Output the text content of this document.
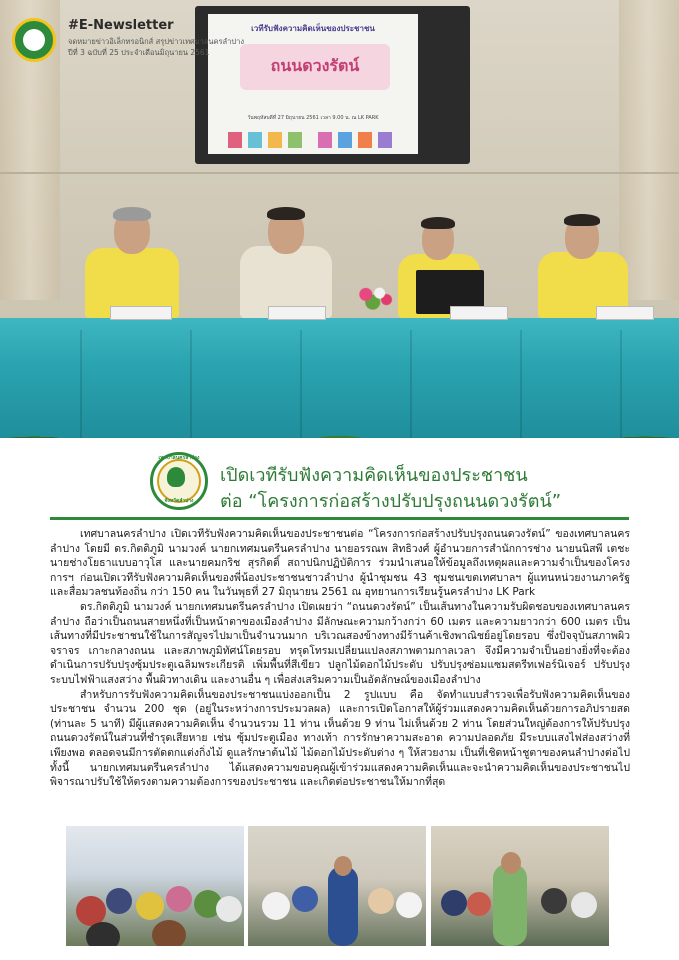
เวทีรับฟังความคิดเห็นของประชาชน
ถนนดวงรัตน์
วันพฤหัสบดีที่ 27 มิถุนายน 2561 เวลา 9.00 น. ณ LK PARK
#E-Newsletter
จดหมายข่าวอิเล็กทรอนิกส์ สรุปข่าวเทศบาลนครลำปาง
ปีที่ 3 ฉบับที่ 25 ประจำเดือนมิถุนายน 2561
เทศบาลนครลำปาง
จังหวัดลำปาง
เปิดเวทีรับฟังความคิดเห็นของประชาชน
ต่อ “โครงการก่อสร้างปรับปรุงถนนดวงรัตน์”

เทศบาลนครลำปาง เปิดเวทีรับฟังความคิดเห็นของประชาชนต่อ “โครงการก่อสร้างปรับปรุงถนนดวงรัตน์” ของเทศบาลนครลำปาง โดยมี ดร.กิตติภูมิ นามวงค์ นายกเทศมนตรีนครลำปาง นายอรรณพ สิทธิวงศ์ ผู้อำนวยการสำนักการช่าง นายนนิสพี เตชะ นายช่างโยธาแบบอาวุโส และนายคมกริช สุรกิตติ์ สถาปนิกปฏิบัติการ ร่วมนำเสนอให้ข้อมูลถึงเหตุผลและความจำเป็นของโครงการฯ ก่อนเปิดเวทีรับฟังความคิดเห็นของพี่น้องประชาชนชาวลำปาง ผู้นำชุมชน 43 ชุมชนเขตเทศบาลฯ ผู้แทนหน่วยงานภาครัฐ และสื่อมวลชนท้องถิ่น กว่า 150 คน ในวันพุธที่ 27 มิถุนายน 2561 ณ อุทยานการเรียนรู้นครลำปาง LK Park

ดร.กิตติภูมิ นามวงค์ นายกเทศมนตรีนครลำปาง เปิดเผยว่า “ถนนดวงรัตน์” เป็นเส้นทางในความรับผิดชอบของเทศบาลนครลำปาง ถือว่าเป็นถนนสายหนึ่งที่เป็นหน้าตาของเมืองลำปาง มีลักษณะความกว้างกว่า 60 เมตร และความยาวกว่า 600 เมตร เป็นเส้นทางที่มีประชาชนใช้ในการสัญจรไปมาเป็นจำนวนมาก บริเวณสองข้างทางมีร้านค้าเชิงพาณิชย์อยู่โดยรอบ ซึ่งปัจจุบันสภาพผิวจราจร เกาะกลางถนน และสภาพภูมิทัศน์โดยรอบ ทรุดโทรมเปลี่ยนแปลงสภาพตามกาลเวลา จึงมีความจำเป็นอย่างยิ่งที่จะต้องดำเนินการปรับปรุงซุ้มประตูเฉลิมพระเกียรติ เพิ่มพื้นที่สีเขียว ปลูกไม้ดอกไม้ประดับ ปรับปรุงซ่อมแซมสตรีทเฟอร์นิเจอร์ ปรับปรุงระบบไฟฟ้าแสงสว่าง พื้นผิวทางเดิน และงานอื่น ๆ เพื่อส่งเสริมความเป็นอัตลักษณ์ของเมืองลำปาง

สำหรับการรับฟังความคิดเห็นของประชาชนแบ่งออกเป็น 2 รูปแบบ คือ จัดทำแบบสำรวจเพื่อรับฟังความคิดเห็นของประชาชน จำนวน 200 ชุด (อยู่ในระหว่างการประมวลผล) และการเปิดโอกาสให้ผู้ร่วมแสดงความคิดเห็นด้วยการอภิปรายสด (ท่านละ 5 นาที) มีผู้แสดงความคิดเห็น จำนวนรวม 11 ท่าน เห็นด้วย 9 ท่าน ไม่เห็นด้วย 2 ท่าน โดยส่วนใหญ่ต้องการให้ปรับปรุงถนนดวงรัตน์ในส่วนที่ชำรุดเสียหาย เช่น ซุ้มประตูเมือง ทางเท้า การรักษาความสะอาด ความปลอดภัย มีระบบแสงไฟส่องสว่างที่เพียงพอ ตลอดจนมีการตัดตกแต่งกิ่งไม้ ดูแลรักษาต้นไม้ ไม้ดอกไม้ประดับต่าง ๆ ให้สวยงาม เป็นที่เชิดหน้าชูตาของคนลำปางต่อไป ทั้งนี้ นายกเทศมนตรีนครลำปาง ได้แสดงความขอบคุณผู้เข้าร่วมแสดงความคิดเห็นและจะนำความคิดเห็นของประชาชนไปพิจารณาปรับใช้ให้ตรงตามความต้องการของประชาชน และเกิดต่อประชาชนให้มากที่สุด
